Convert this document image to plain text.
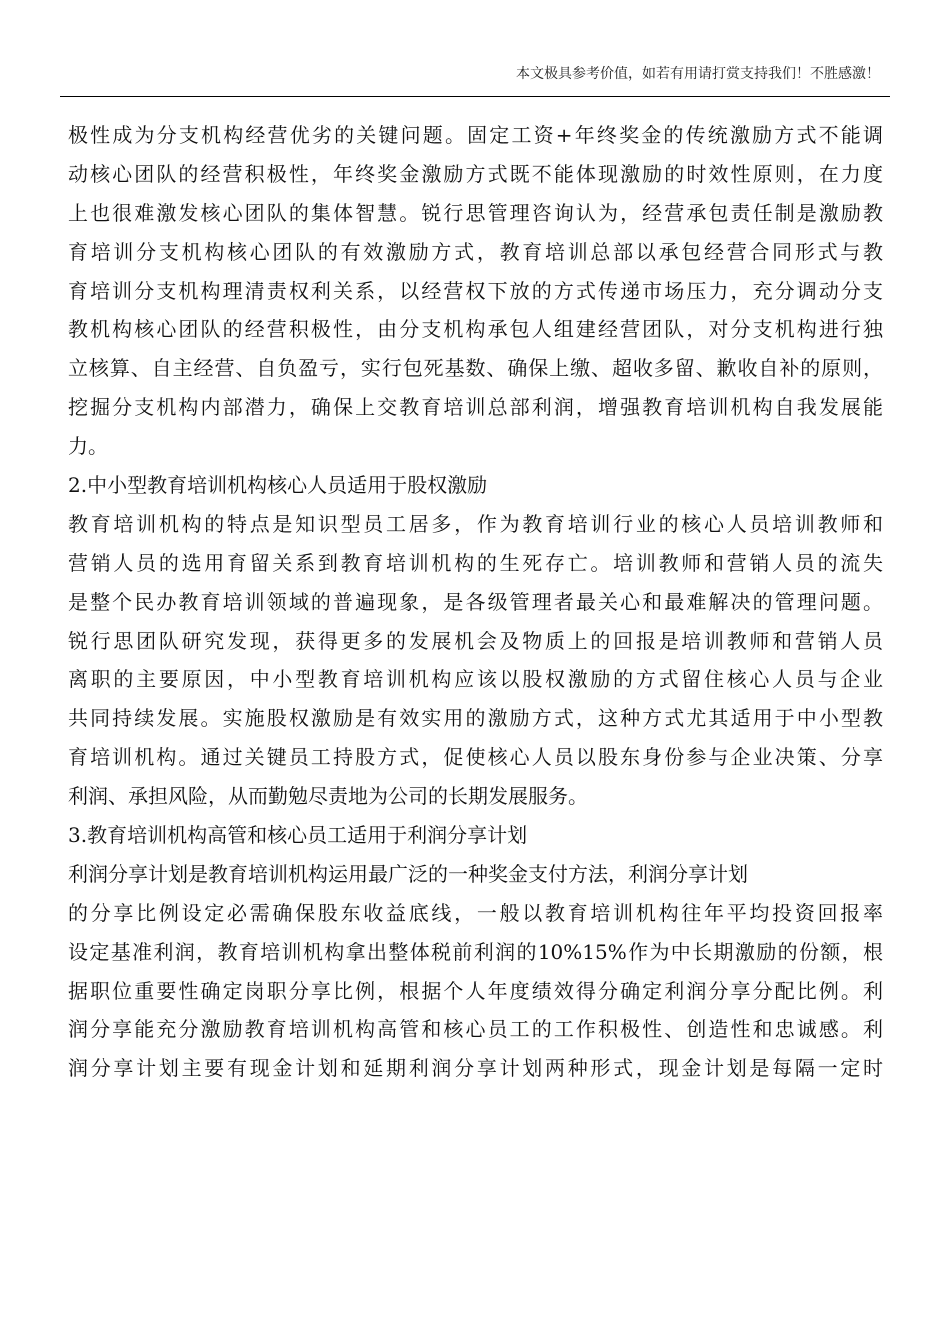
本文极具参考价值，如若有用请打赏支持我们！不胜感激！
极性成为分支机构经营优劣的关键问题。固定工资+年终奖金的传统激励方式不能调
动核心团队的经营积极性，年终奖金激励方式既不能体现激励的时效性原则，在力度
上也很难激发核心团队的集体智慧。锐行思管理咨询认为，经营承包责任制是激励教
育培训分支机构核心团队的有效激励方式，教育培训总部以承包经营合同形式与教
育培训分支机构理清责权利关系，以经营权下放的方式传递市场压力，充分调动分支
教机构核心团队的经营积极性，由分支机构承包人组建经营团队，对分支机构进行独
立核算、自主经营、自负盈亏，实行包死基数、确保上缴、超收多留、歉收自补的原则，
挖掘分支机构内部潜力，确保上交教育培训总部利润，增强教育培训机构自我发展能
力。
2.中小型教育培训机构核心人员适用于股权激励
教育培训机构的特点是知识型员工居多，作为教育培训行业的核心人员培训教师和
营销人员的选用育留关系到教育培训机构的生死存亡。培训教师和营销人员的流失
是整个民办教育培训领域的普遍现象，是各级管理者最关心和最难解决的管理问题。
锐行思团队研究发现，获得更多的发展机会及物质上的回报是培训教师和营销人员
离职的主要原因，中小型教育培训机构应该以股权激励的方式留住核心人员与企业
共同持续发展。实施股权激励是有效实用的激励方式，这种方式尤其适用于中小型教
育培训机构。通过关键员工持股方式，促使核心人员以股东身份参与企业决策、分享
利润、承担风险，从而勤勉尽责地为公司的长期发展服务。
3.教育培训机构高管和核心员工适用于利润分享计划
利润分享计划是教育培训机构运用最广泛的一种奖金支付方法，利润分享计划
的分享比例设定必需确保股东收益底线，一般以教育培训机构往年平均投资回报率
设定基准利润，教育培训机构拿出整体税前利润的10%15%作为中长期激励的份额，根
据职位重要性确定岗职分享比例，根据个人年度绩效得分确定利润分享分配比例。利
润分享能充分激励教育培训机构高管和核心员工的工作积极性、创造性和忠诚感。利
润分享计划主要有现金计划和延期利润分享计划两种形式，现金计划是每隔一定时
